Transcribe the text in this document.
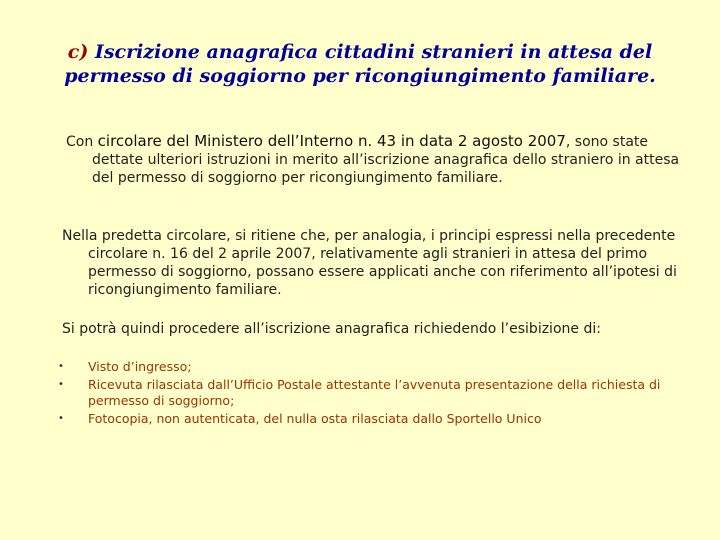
c) Iscrizione anagrafica cittadini stranieri in attesa del permesso di soggiorno per ricongiungimento familiare.

Con circolare del Ministero dell’Interno n. 43 in data 2 agosto 2007, sono state dettate ulteriori istruzioni in merito all’iscrizione anagrafica dello straniero in attesa del permesso di soggiorno per ricongiungimento familiare.

Nella predetta circolare, si ritiene che, per analogia, i principi espressi nella precedente circolare n. 16 del 2 aprile 2007, relativamente agli stranieri in attesa del primo permesso di soggiorno, possano essere applicati anche con riferimento all’ipotesi di ricongiungimento familiare.

Si potrà quindi procedere all’iscrizione anagrafica richiedendo l’esibizione di:

•	Visto d’ingresso;
•	Ricevuta rilasciata dall’Ufficio Postale attestante l’avvenuta presentazione della richiesta di permesso di soggiorno;
•	Fotocopia, non autenticata, del nulla osta rilasciata dallo Sportello Unico
